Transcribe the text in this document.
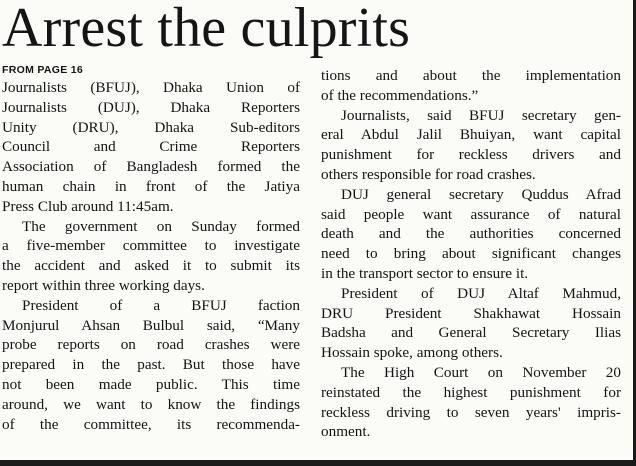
Arrest the culprits
FROM PAGE 16
Journalists (BFUJ), Dhaka Union of
Journalists (DUJ), Dhaka Reporters
Unity (DRU), Dhaka Sub-editors
Council and Crime Reporters
Association of Bangladesh formed the
human chain in front of the Jatiya
Press Club around 11:45am.
The government on Sunday formed
a five-member committee to investigate
the accident and asked it to submit its
report within three working days.
President of a BFUJ faction
Monjurul Ahsan Bulbul said, “Many
probe reports on road crashes were
prepared in the past. But those have
not been made public. This time
around, we want to know the findings
of the committee, its recommenda-
tions and about the implementation
of the recommendations.”
Journalists, said BFUJ secretary gen-
eral Abdul Jalil Bhuiyan, want capital
punishment for reckless drivers and
others responsible for road crashes.
DUJ general secretary Quddus Afrad
said people want assurance of natural
death and the authorities concerned
need to bring about significant changes
in the transport sector to ensure it.
President of DUJ Altaf Mahmud,
DRU President Shakhawat Hossain
Badsha and General Secretary Ilias
Hossain spoke, among others.
The High Court on November 20
reinstated the highest punishment for
reckless driving to seven years' impris-
onment.
